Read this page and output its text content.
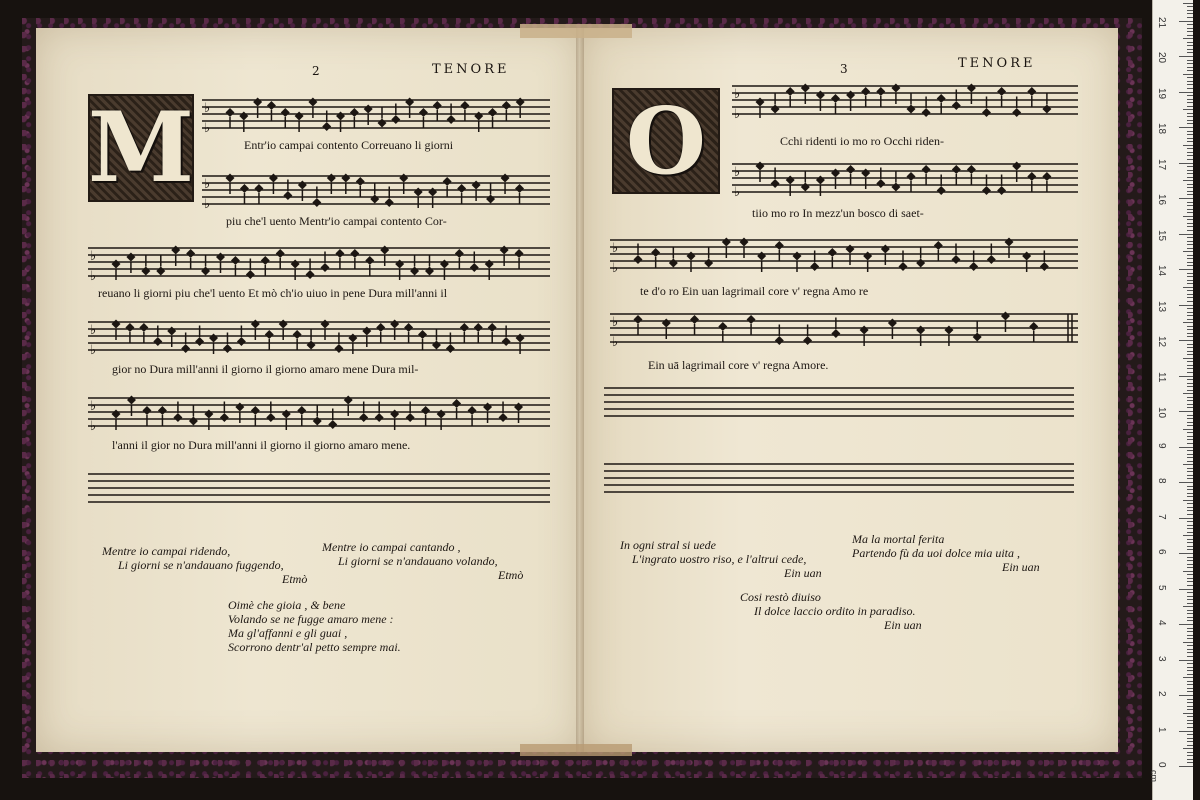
2	TENORE
M ♭
♭
Entr'io campai contento Correuano li giorni
♭
♭
piu che'l uento Mentr'io campai contento Cor-
♭
♭
reuano li giorni piu che'l uento Et mò ch'io uiuo in pene Dura mill'anni il
♭
♭
gior no Dura mill'anni il giorno il giorno amaro mene Dura mil-
♭
♭
l'anni il gior no Dura mill'anni il giorno il giorno amaro mene.
Mentre io campai ridendo,
Li giorni se n'andauano fuggendo,
Etmò
Mentre io campai cantando ,
Li giorni se n'andauano volando,
Etmò
Oimè che gioia , & bene
Volando se ne fugge amaro mene :
Ma gl'affanni e gli guai ,
Scorrono dentr'al petto sempre mai.
3	TENORE
O ♭
♭
Cchi ridenti io mo ro Occhi riden-
♭
♭
tiio mo ro In mezz'un bosco di saet-
♭
♭
te d'o ro Ein uan lagrimail core v' regna Amo re
♭
♭
Ein uā lagrimail core v' regna Amore.
In ogni stral si uede
L'ingrato uostro riso, e l'altrui cede,
Ein uan
Ma la mortal ferita
Partendo fù da uoi dolce mia uita ,
Ein uan
Cosi restò diuiso
Il dolce laccio ordito in paradiso.
Ein uan
cm
0
1
2
3
4
5
6
7
8
9
10
11
12
13
14
15
16
17
18
19
20
21
